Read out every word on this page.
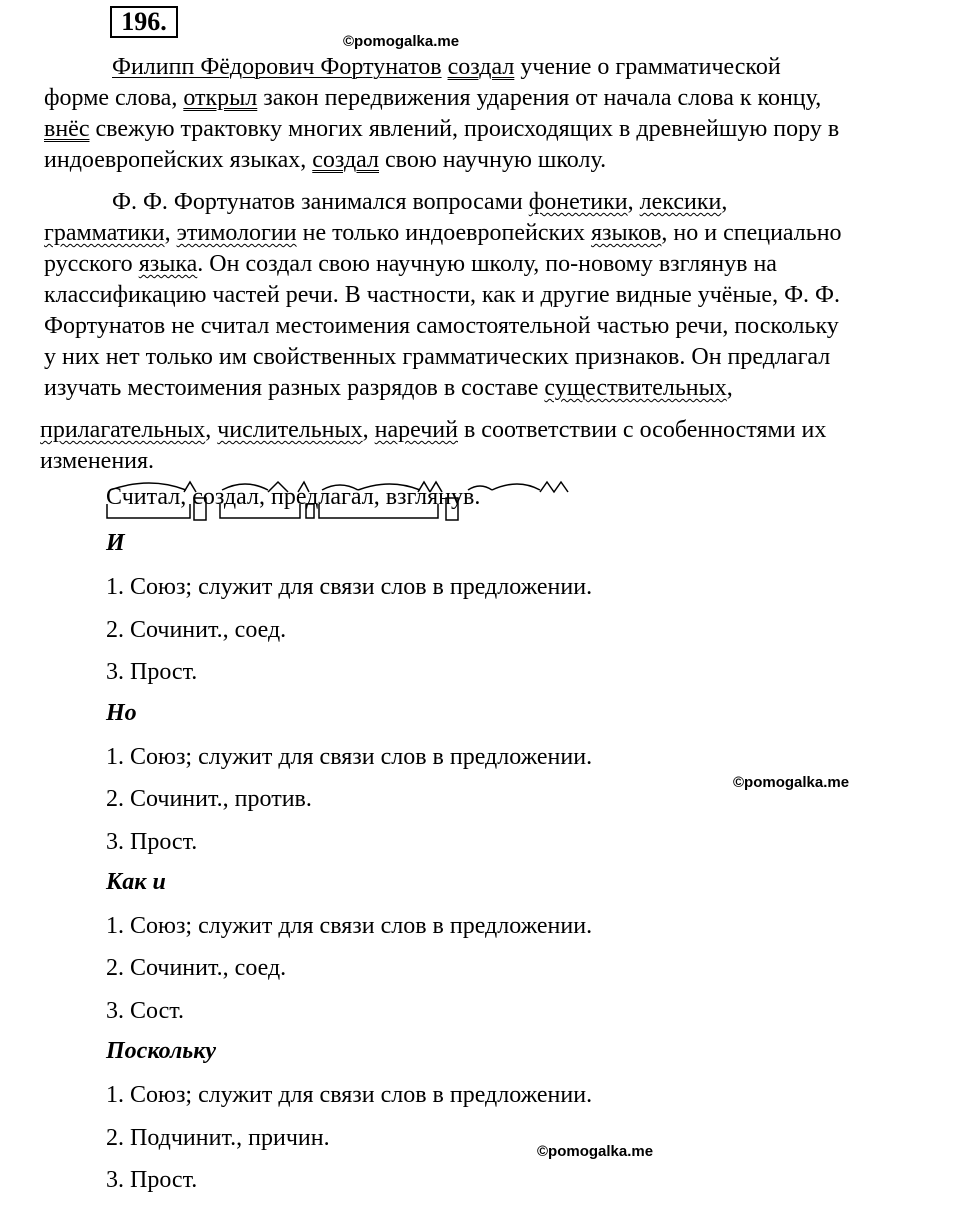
196.
©pomogalka.me
Филипп Фёдорович Фортунатов создал учение о грамматической
форме слова, открыл закон передвижения ударения от начала слова к концу,
внёс свежую трактовку многих явлений, происходящих в древнейшую пору в
индоевропейских языках, создал свою научную школу.
Ф. Ф. Фортунатов занимался вопросами фонетики, лексики,
грамматики, этимологии не только индоевропейских языков, но и специально
русского языка. Он создал свою научную школу, по-новому взглянув на
классификацию частей речи. В частности, как и другие видные учёные, Ф. Ф.
Фортунатов не считал местоимения самостоятельной частью речи, поскольку
у них нет только им свойственных грамматических признаков. Он предлагал
изучать местоимения разных разрядов в составе существительных,
прилагательных, числительных, наречий в соответствии с особенностями их
изменения.
Считал, создал, предлагал, взглянув.
И
1. Союз; служит для связи слов в предложении.
2. Сочинит., соед.
3. Прост.
Но
1. Союз; служит для связи слов в предложении.
2. Сочинит., против.
3. Прост.
©pomogalka.me
Как и
1. Союз; служит для связи слов в предложении.
2. Сочинит., соед.
3. Сост.
Поскольку
1. Союз; служит для связи слов в предложении.
2. Подчинит., причин.
3. Прост.
©pomogalka.me
